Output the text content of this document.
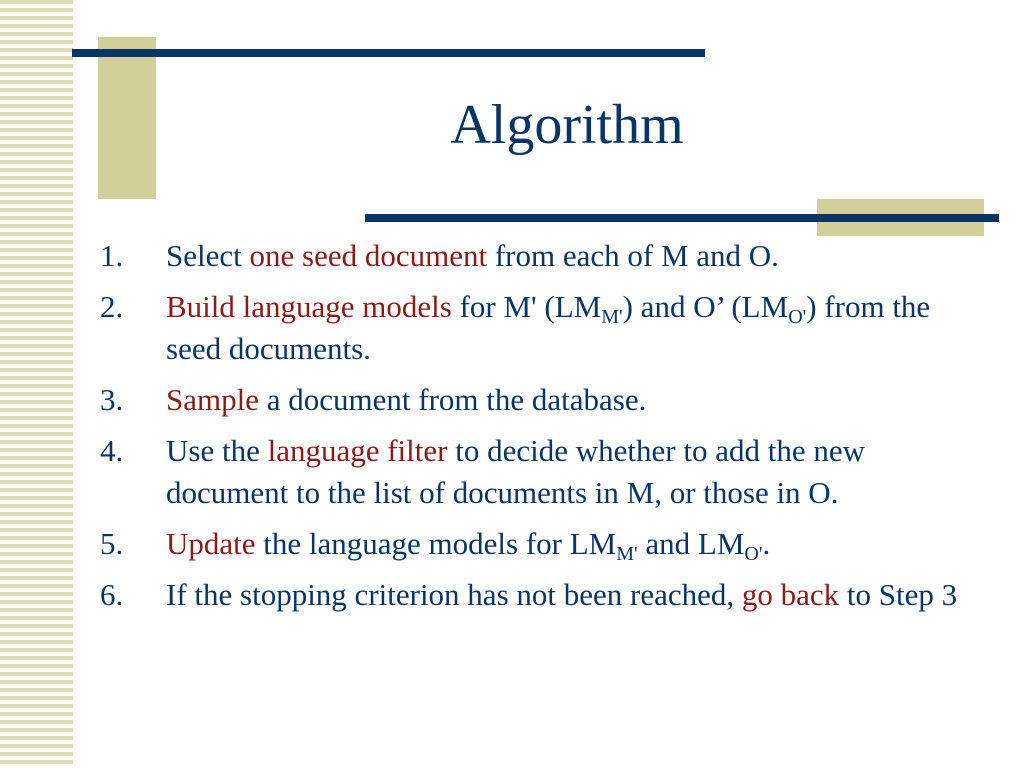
Algorithm
1. Select one seed document from each of M and O.
2. Build language models for M' $(LM_{M'})$ and O’ $(LM_{O'})$ from the seed documents.
3. Sample a document from the database.
4. Use the language filter to decide whether to add the new document to the list of documents in M, or those in O.
5. Update the language models for $LM_{M'}$ and $LM_{O'}$.
6. If the stopping criterion has not been reached, go back to Step 3
